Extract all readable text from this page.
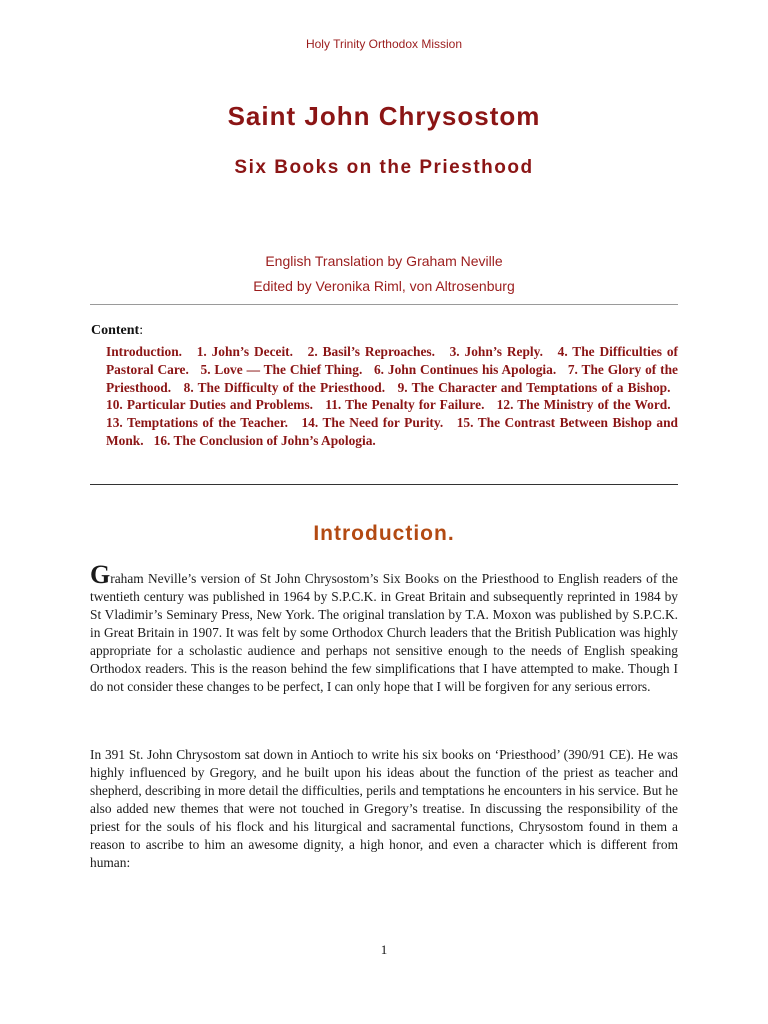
Holy Trinity Orthodox Mission
Saint John Chrysostom
Six Books on the Priesthood
English Translation by Graham Neville
Edited by Veronika Riml, von Altrosenburg
Content:
Introduction. 1. John’s Deceit. 2. Basil’s Reproaches. 3. John’s Reply. 4. The Difficulties of Pastoral Care. 5. Love — The Chief Thing. 6. John Continues his Apologia. 7. The Glory of the Priesthood. 8. The Difficulty of the Priesthood. 9. The Character and Temptations of a Bishop.   10. Particular Duties and Problems. 11. The Penalty for Failure. 12. The Ministry of the Word.   13. Temptations of the Teacher. 14. The Need for Purity. 15. The Contrast Between Bishop and Monk. 16. The Conclusion of John’s Apologia.
Introduction.
Graham Neville’s version of St John Chrysostom’s Six Books on the Priesthood to English readers of the twentieth century was published in 1964 by S.P.C.K. in Great Britain and subsequently reprinted in 1984 by St Vladimir’s Seminary Press, New York. The original translation by T.A. Moxon was published by S.P.C.K. in Great Britain in 1907. It was felt by some Orthodox Church leaders that the British Publication was highly appropriate for a scholastic audience and perhaps not sensitive enough to the needs of English speaking Orthodox readers. This is the reason behind the few simplifications that I have attempted to make. Though I do not consider these changes to be perfect, I can only hope that I will be forgiven for any serious errors.
In 391 St. John Chrysostom sat down in Antioch to write his six books on ‘Priesthood’ (390/91 CE). He was highly influenced by Gregory, and he built upon his ideas about the function of the priest as teacher and shepherd, describing in more detail the difficulties, perils and temptations he encounters in his service. But he also added new themes that were not touched in Gregory’s treatise. In discussing the responsibility of the priest for the souls of his flock and his liturgical and sacramental functions, Chrysostom found in them a reason to ascribe to him an awesome dignity, a high honor, and even a character which is different from human:
1
